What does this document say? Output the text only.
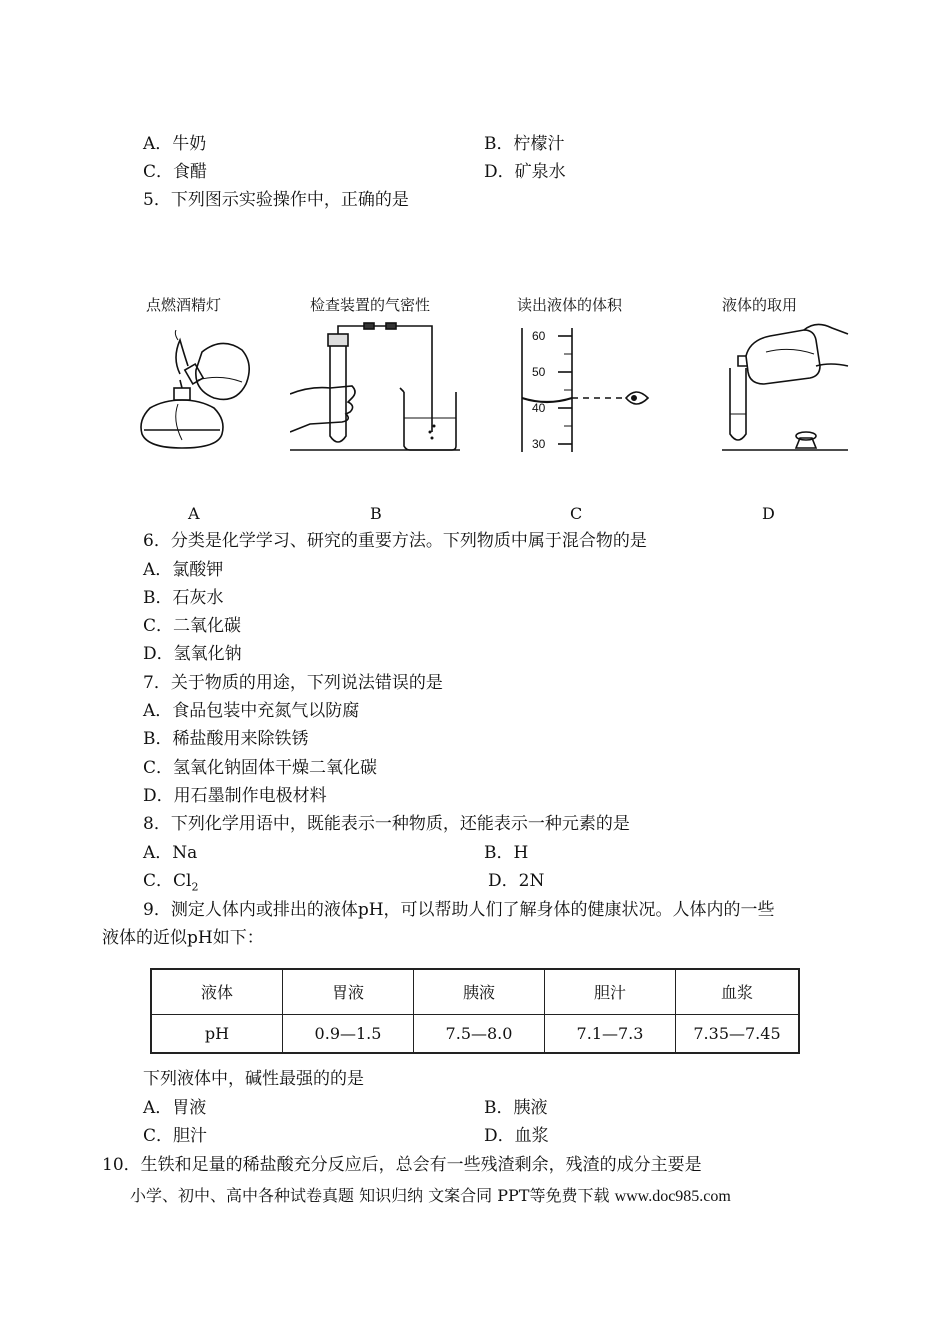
A．牛奶	B．柠檬汁
C．食醋	D．矿泉水
5．下列图示实验操作中，正确的是
点燃酒精灯	检查装置的气密性	读出液体的体积	液体的取用
60
50
40
30
A	B	C	D
6．分类是化学学习、研究的重要方法。下列物质中属于混合物的是
A．氯酸钾
B．石灰水
C．二氧化碳
D．氢氧化钠
7．关于物质的用途，下列说法错误的是
A．食品包装中充氮气以防腐
B．稀盐酸用来除铁锈
C．氢氧化钠固体干燥二氧化碳
D．用石墨制作电极材料
8．下列化学用语中，既能表示一种物质，还能表示一种元素的是
A．Na	B．H
C．$Cl_2$	D．2N
9．测定人体内或排出的液体pH，可以帮助人们了解身体的健康状况。人体内的一些
液体的近似pH如下：
液体	胃液	胰液	胆汁	血浆
pH	0.9—1.5	7.5—8.0	7.1—7.3	7.35—7.45
下列液体中，碱性最强的的是
A．胃液	B．胰液
C．胆汁	D．血浆
10．生铁和足量的稀盐酸充分反应后，总会有一些残渣剩余，残渣的成分主要是
小学、初中、高中各种试卷真题 知识归纳 文案合同 PPT等免费下载 www.doc985.com
